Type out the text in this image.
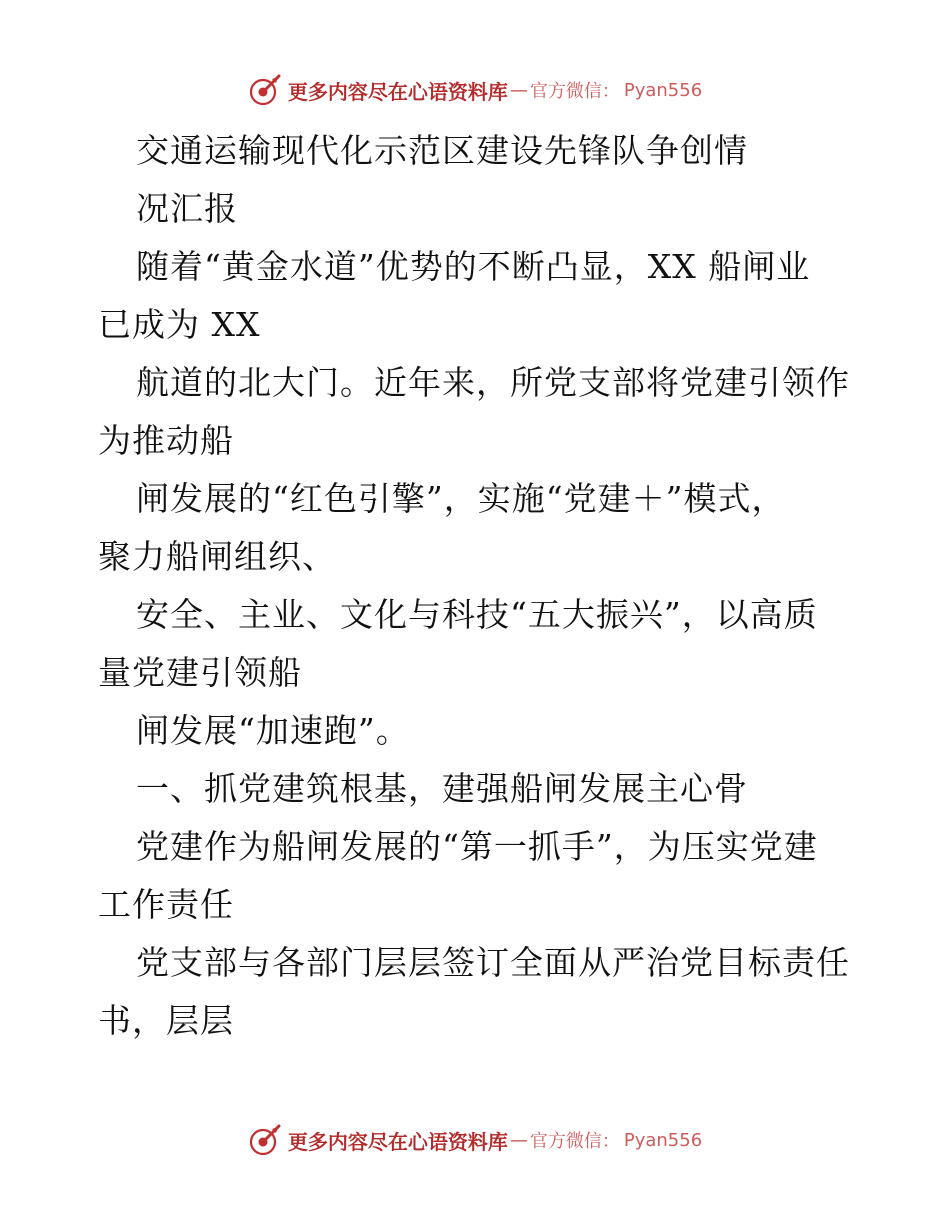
更多内容尽在心语资料库 — 官方微信： Pyan556
交通运输现代化示范区建设先锋队争创情
况汇报
随着“黄金水道”优势的不断凸显，XX 船闸业
已成为 XX
航道的北大门。近年来，所党支部将党建引领作
为推动船
闸发展的“红色引擎”，实施“党建＋”模式，
聚力船闸组织、
安全、主业、文化与科技“五大振兴”，以高质
量党建引领船
闸发展“加速跑”。
一、抓党建筑根基，建强船闸发展主心骨
党建作为船闸发展的“第一抓手”，为压实党建
工作责任
党支部与各部门层层签订全面从严治党目标责任
书，层层
更多内容尽在心语资料库 — 官方微信： Pyan556
